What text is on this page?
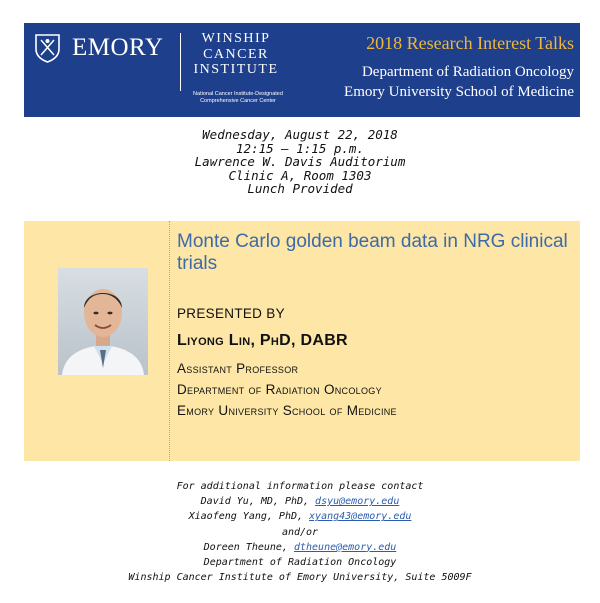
EMORY	WINSHIP
CANCER
INSTITUTE
National Cancer Institute-Designated
Comprehensive Cancer Center
2018 Research Interest Talks
Department of Radiation Oncology
Emory University School of Medicine
Wednesday, August 22, 2018
12:15 – 1:15 p.m.
Lawrence W. Davis Auditorium
Clinic A, Room 1303
Lunch Provided
Monte Carlo golden beam data in NRG clinical trials
PRESENTED BY
Liyong Lin, PhD, DABR
Assistant Professor
Department of Radiation Oncology
Emory University School of Medicine
For additional information please contact
David Yu, MD, PhD, dsyu@emory.edu
Xiaofeng Yang, PhD, xyang43@emory.edu
and/or
Doreen Theune, dtheune@emory.edu
Department of Radiation Oncology
Winship Cancer Institute of Emory University, Suite 5009F
